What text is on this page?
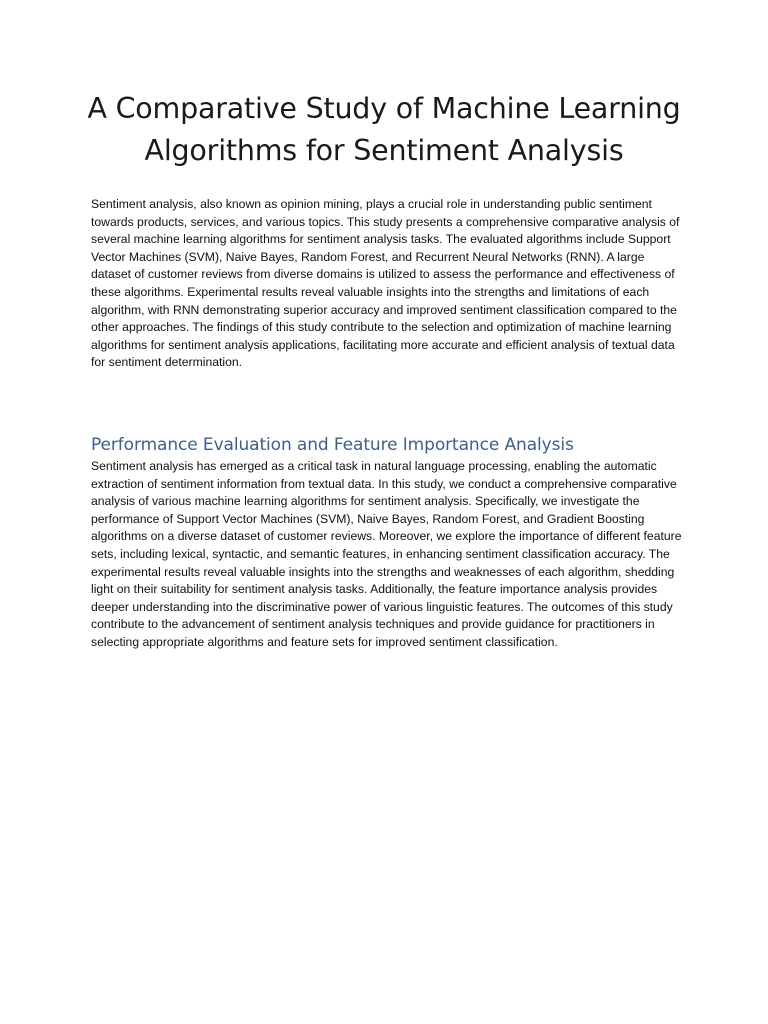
A Comparative Study of Machine Learning Algorithms for Sentiment Analysis

Sentiment analysis, also known as opinion mining, plays a crucial role in understanding public sentiment towards products, services, and various topics. This study presents a comprehensive comparative analysis of several machine learning algorithms for sentiment analysis tasks. The evaluated algorithms include Support Vector Machines (SVM), Naive Bayes, Random Forest, and Recurrent Neural Networks (RNN). A large dataset of customer reviews from diverse domains is utilized to assess the performance and effectiveness of these algorithms. Experimental results reveal valuable insights into the strengths and limitations of each algorithm, with RNN demonstrating superior accuracy and improved sentiment classification compared to the other approaches. The findings of this study contribute to the selection and optimization of machine learning algorithms for sentiment analysis applications, facilitating more accurate and efficient analysis of textual data for sentiment determination.

Performance Evaluation and Feature Importance Analysis

Sentiment analysis has emerged as a critical task in natural language processing, enabling the automatic extraction of sentiment information from textual data. In this study, we conduct a comprehensive comparative analysis of various machine learning algorithms for sentiment analysis. Specifically, we investigate the performance of Support Vector Machines (SVM), Naive Bayes, Random Forest, and Gradient Boosting algorithms on a diverse dataset of customer reviews. Moreover, we explore the importance of different feature sets, including lexical, syntactic, and semantic features, in enhancing sentiment classification accuracy. The experimental results reveal valuable insights into the strengths and weaknesses of each algorithm, shedding light on their suitability for sentiment analysis tasks. Additionally, the feature importance analysis provides deeper understanding into the discriminative power of various linguistic features. The outcomes of this study contribute to the advancement of sentiment analysis techniques and provide guidance for practitioners in selecting appropriate algorithms and feature sets for improved sentiment classification.
